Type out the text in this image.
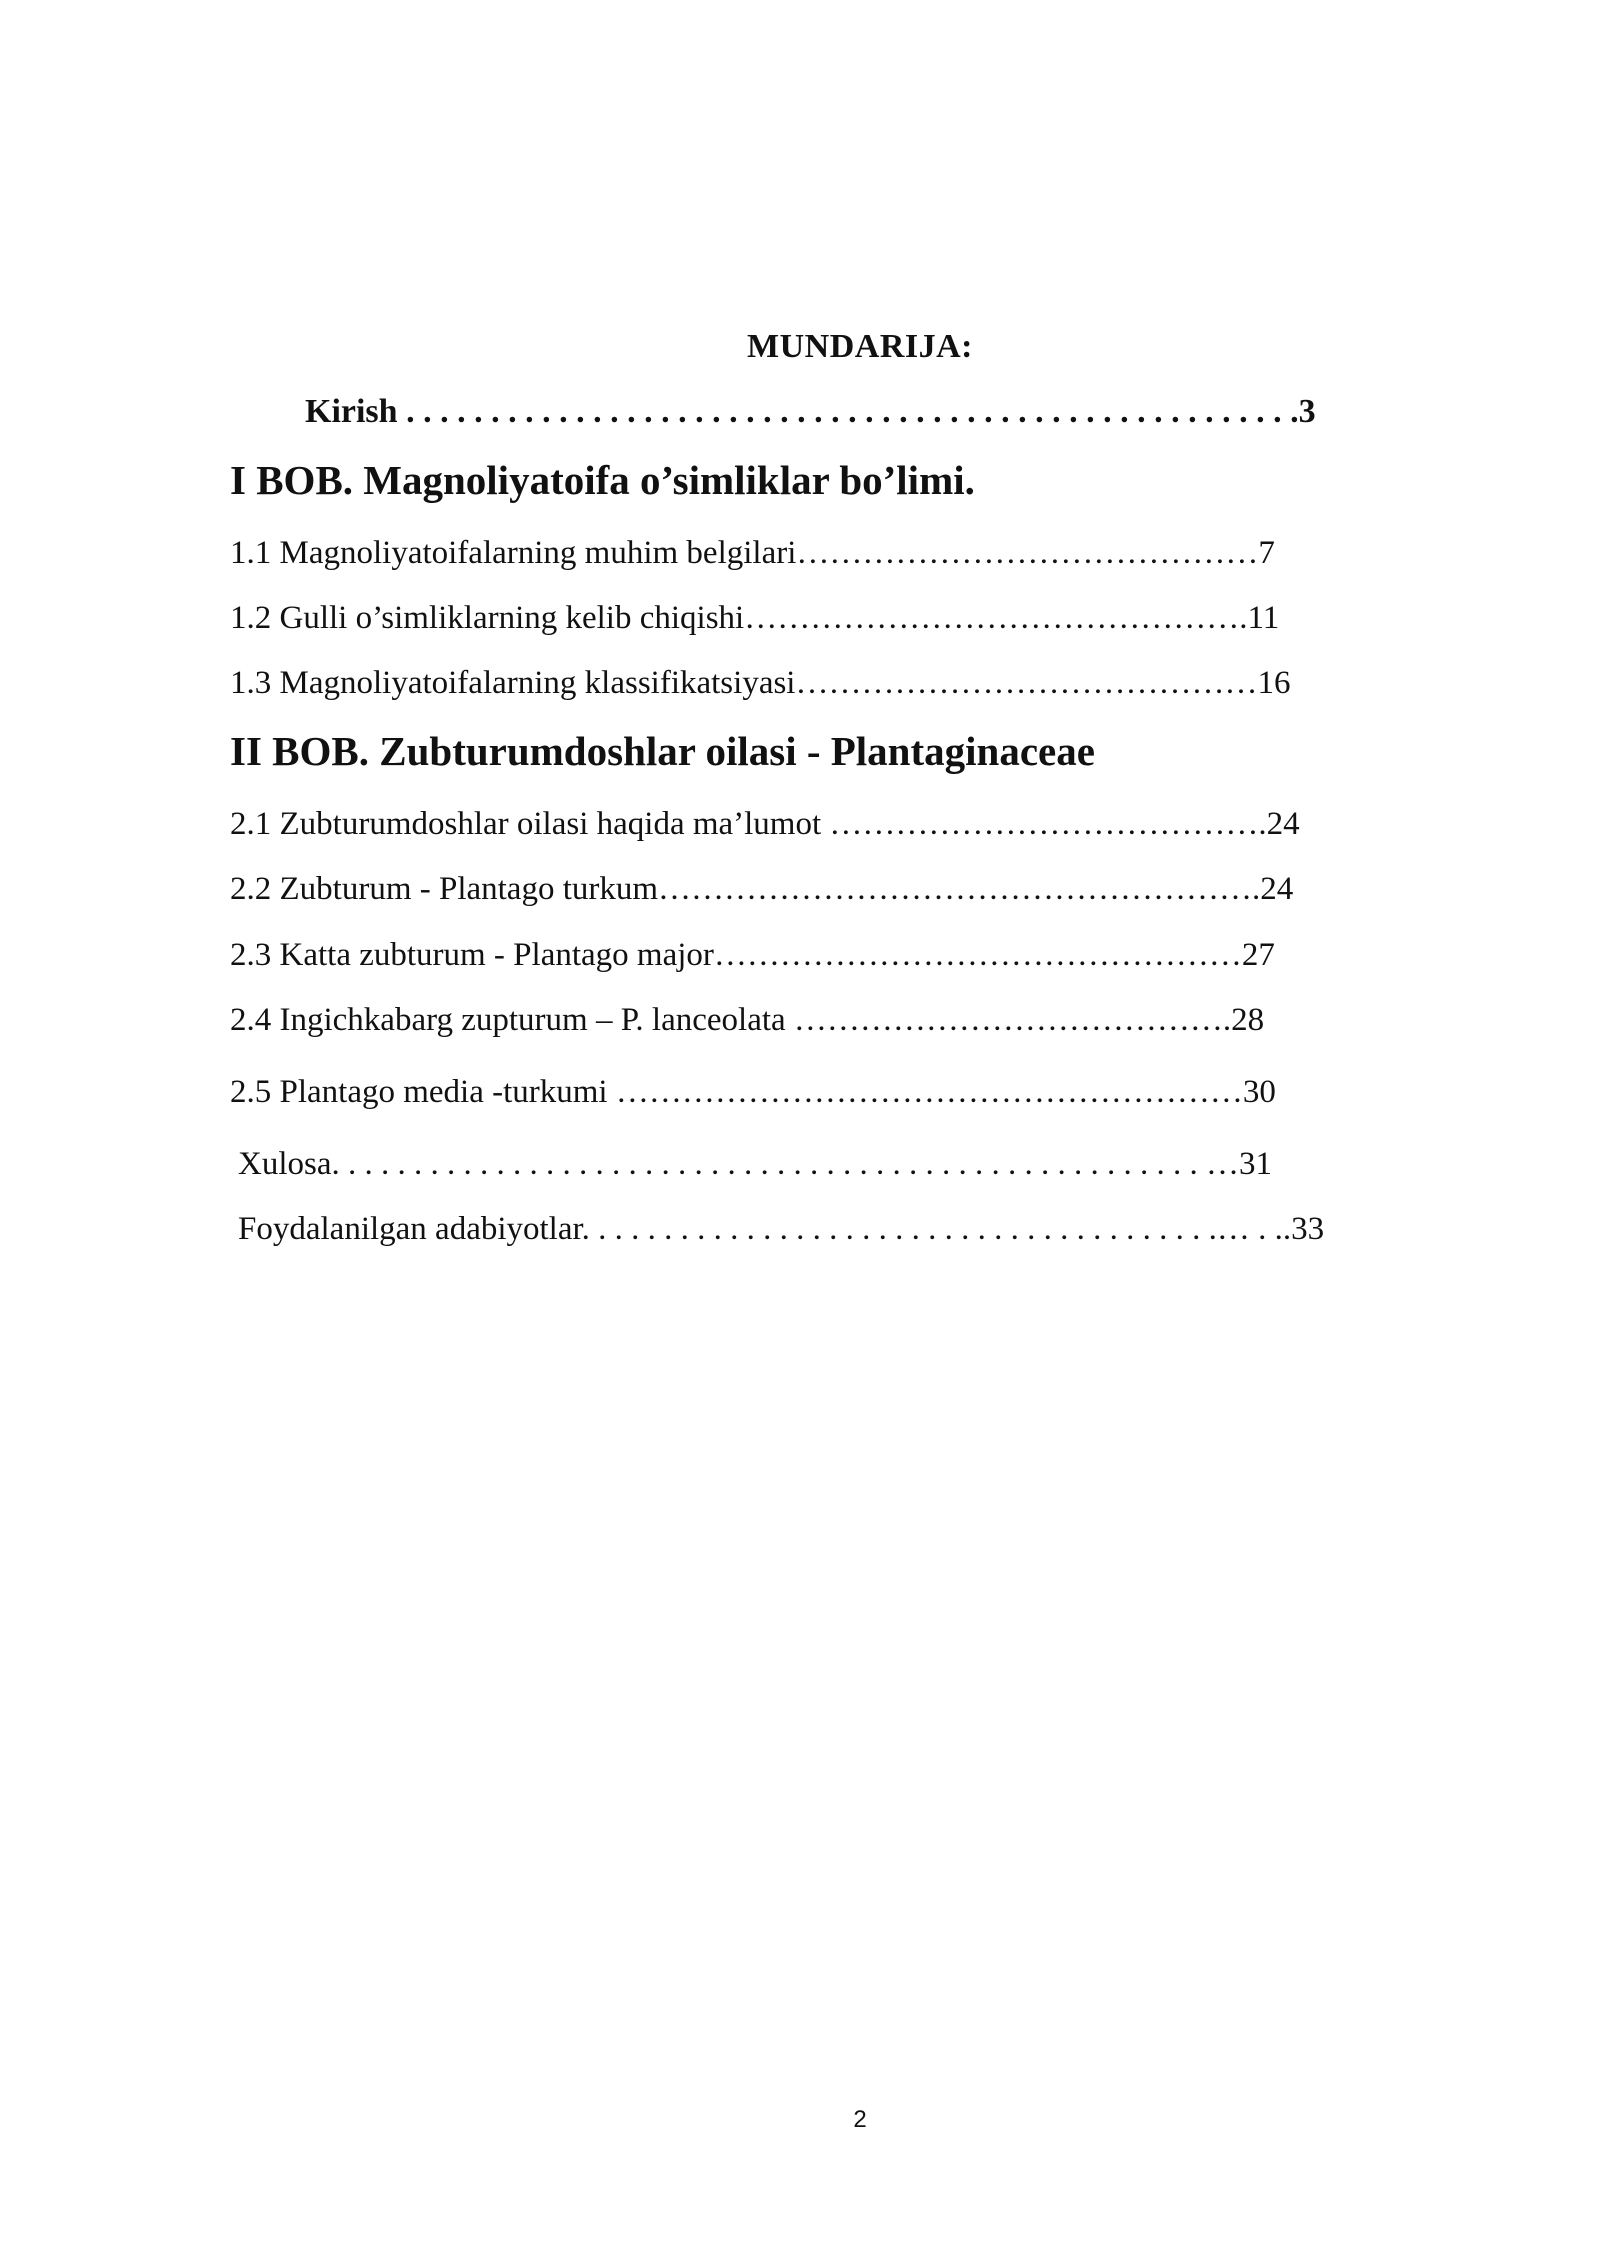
MUNDARIJA:
Kirish . . . . . . . . . . . . . . . . . . . . . . . . . . . . . . . . . . . . . . . . . . . . . . . . . . . . .3
I BOB. Magnoliyatoifa o’simliklar bo’limi.
1.1 Magnoliyatoifalarning muhim belgilari……………………………………7
1.2 Gulli o’simliklarning kelib chiqishi……………………………………….11
1.3 Magnoliyatoifalarning klassifikatsiyasi……………………………………16
II BOB. Zubturumdoshlar oilasi - Plantaginaceae
2.1 Zubturumdoshlar oilasi haqida ma’lumot ………………………………….24
2.2 Zubturum - Plantago turkum……………………………………………….24
2.3 Katta zubturum - Plantago major…………………………………………27
2.4 Ingichkabarg zupturum – P. lanceolata ………………………………….28
2.5 Plantago media -turkumi …………………………………………………30
Xulosa. . . . . . . . . . . . . . . . . . . . . . . . . . . . . . . . . . . . . . . . . . . . . . . . . . . . . …31
Foydalanilgan adabiyotlar. . . . . . . . . . . . . . . . . . . . . . . . . . . . . . . . . . . . . . .… . ..33
2
